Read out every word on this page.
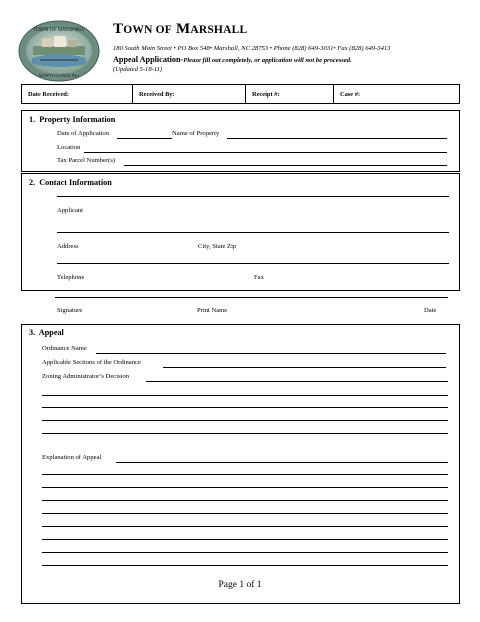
TOWN OF MARSHALL
NORTH CAROLINA
TOWN OF MARSHALL
180 South Main Street • PO Box 548• Marshall, NC 28753 • Phone (828) 649-3031• Fax (828) 649-3413
Appeal Application-Please fill out completely, or application will not be processed.
(Updated 5-18-11)
Date Received:	Received By:	Receipt #:	Case #:
1. Property Information
Date of Application	Name of Property
Location
Tax Parcel Number(s)
2. Contact Information
Applicant
Address	City, State Zip
Telephone	Fax
Signature	Print Name	Date
3. Appeal
Ordinance Name
Applicable Sections of the Ordinance
Zoning Administrator’s Decision
Explanation of Appeal
Page 1 of 1
